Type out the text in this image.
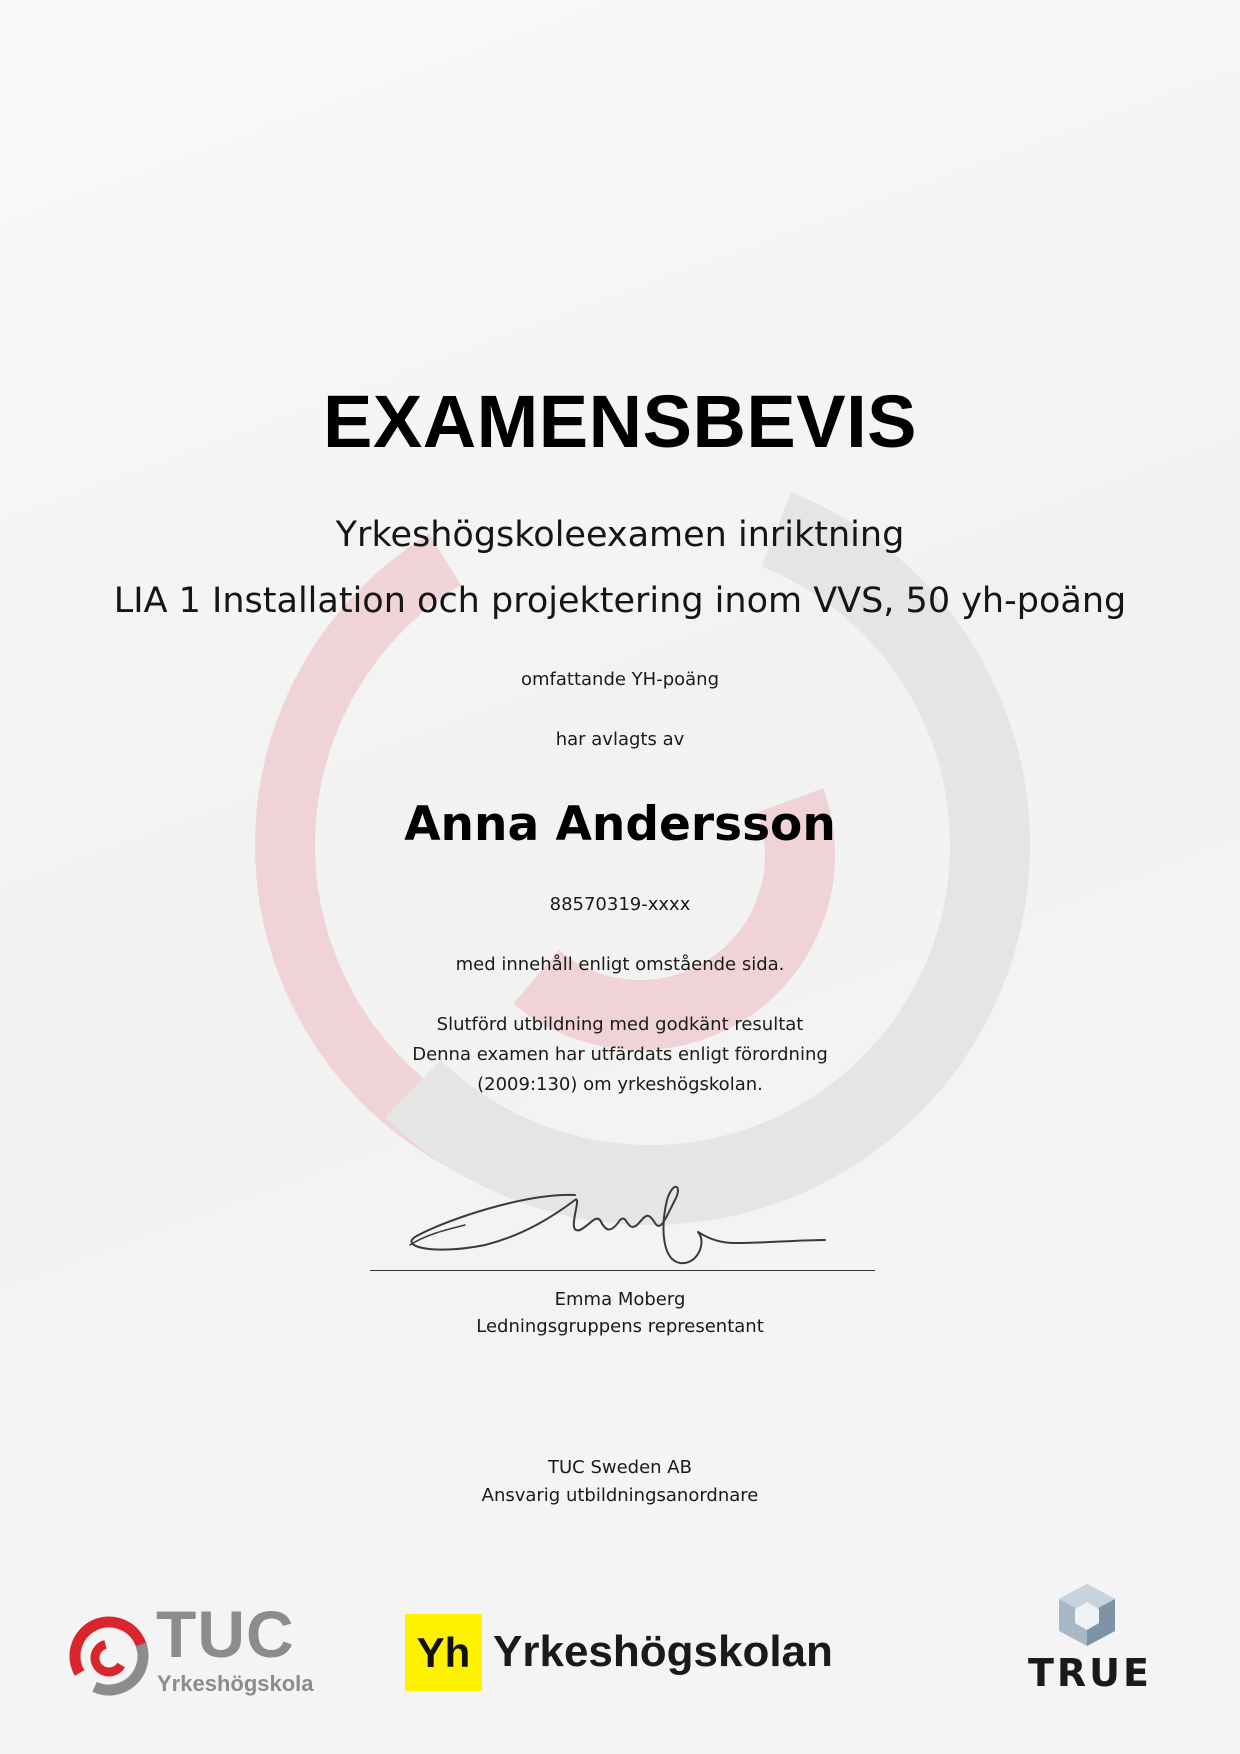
EXAMENSBEVIS
Yrkeshögskoleexamen inriktning
LIA 1 Installation och projektering inom VVS, 50 yh-poäng
omfattande YH-poäng
har avlagts av
Anna Andersson
88570319-xxxx
med innehåll enligt omstående sida.
Slutförd utbildning med godkänt resultat
Denna examen har utfärdats enligt förordning
(2009:130) om yrkeshögskolan.
Emma Moberg
Ledningsgruppens representant
TUC Sweden AB
Ansvarig utbildningsanordnare
TUC
Yrkeshögskola
Yh Yrkeshögskolan	TRUE
